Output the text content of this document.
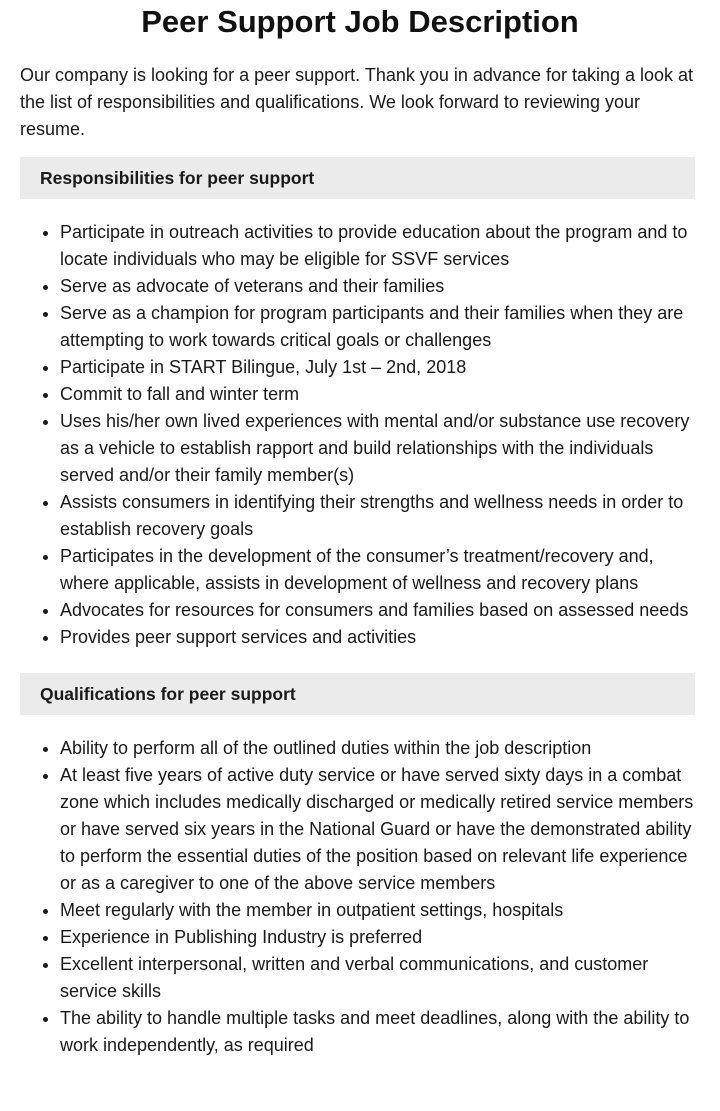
Peer Support Job Description

Our company is looking for a peer support. Thank you in advance for taking a look at the list of responsibilities and qualifications. We look forward to reviewing your resume.

Responsibilities for peer support
• Participate in outreach activities to provide education about the program and to locate individuals who may be eligible for SSVF services
• Serve as advocate of veterans and their families
• Serve as a champion for program participants and their families when they are attempting to work towards critical goals or challenges
• Participate in START Bilingue, July 1st – 2nd, 2018
• Commit to fall and winter term
• Uses his/her own lived experiences with mental and/or substance use recovery as a vehicle to establish rapport and build relationships with the individuals served and/or their family member(s)
• Assists consumers in identifying their strengths and wellness needs in order to establish recovery goals
• Participates in the development of the consumer’s treatment/recovery and, where applicable, assists in development of wellness and recovery plans
• Advocates for resources for consumers and families based on assessed needs
• Provides peer support services and activities
Qualifications for peer support
• Ability to perform all of the outlined duties within the job description
• At least five years of active duty service or have served sixty days in a combat zone which includes medically discharged or medically retired service members or have served six years in the National Guard or have the demonstrated ability to perform the essential duties of the position based on relevant life experience or as a caregiver to one of the above service members
• Meet regularly with the member in outpatient settings, hospitals
• Experience in Publishing Industry is preferred
• Excellent interpersonal, written and verbal communications, and customer service skills
• The ability to handle multiple tasks and meet deadlines, along with the ability to work independently, as required
